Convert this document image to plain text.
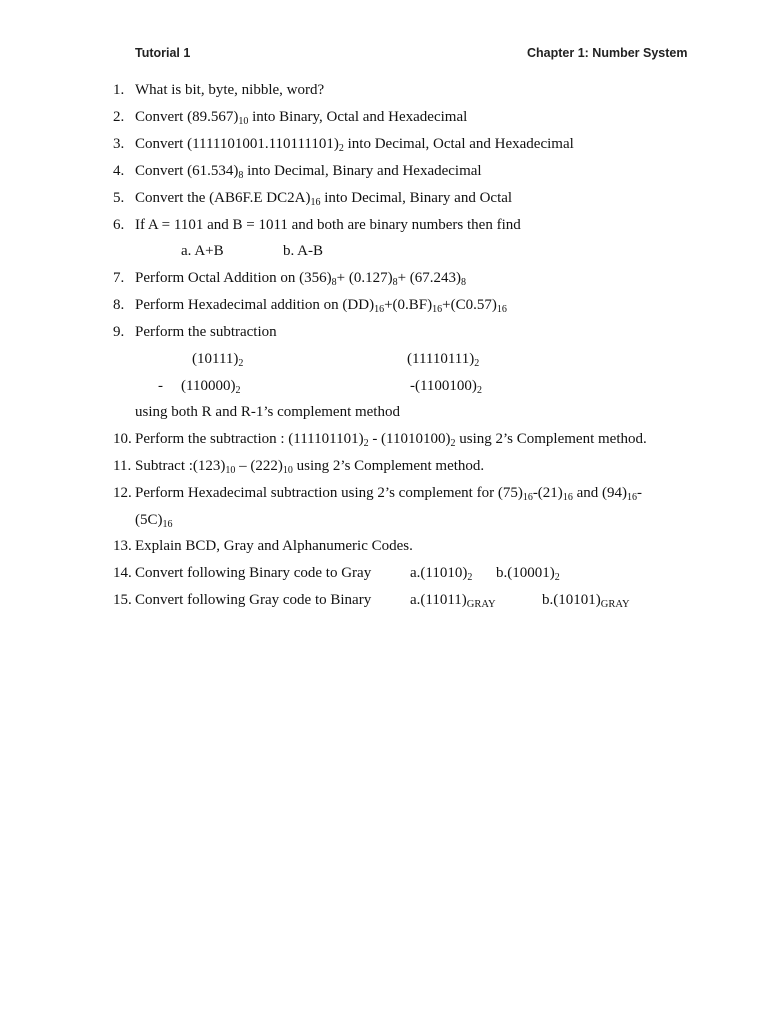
Tutorial 1	Chapter 1: Number System
1. What is bit, byte, nibble, word?
2. Convert $(89.567)_{10}$ into Binary, Octal and Hexadecimal
3. Convert $(1111101001.110111101)_2$ into Decimal, Octal and Hexadecimal
4. Convert $(61.534)_8$ into Decimal, Binary and Hexadecimal
5. Convert the (AB6F.E $DC2A)_{16}$ into Decimal, Binary and Octal
6. If A = 1101 and B = 1011 and both are binary numbers then find
a. A+B	b. A-B
7. Perform Octal Addition on $(356)_8+ (0.127)_8+ (67.243)_8$
8. Perform Hexadecimal addition on $(DD)_{16}+(0.BF)_{16}+(C0.57)_{16}$
9. Perform the subtraction
$(10111)_2$	$(11110111)_2$
- $(110000)_2$	$-(1100100)_2$
using both R and R-1’s complement method
10. Perform the subtraction : $(111101101)_2 - (11010100)_2$ using 2’s Complement method.
11. Subtract $:(123)_{10} - (222)_{10}$ using 2’s Complement method.
12. Perform Hexadecimal subtraction using 2’s complement for $(75)_{16}-(21)_{16}$ and $(94)_{16}-$
$(5C)_{16}$
13. Explain BCD, Gray and Alphanumeric Codes.
14. Convert following Binary code to Gray	$a.(11010)_2$ $b.(10001)_2$
15. Convert following Gray code to Binary	$a.(11011)_{GRAY}$	$b.(10101)_{GRAY}$
